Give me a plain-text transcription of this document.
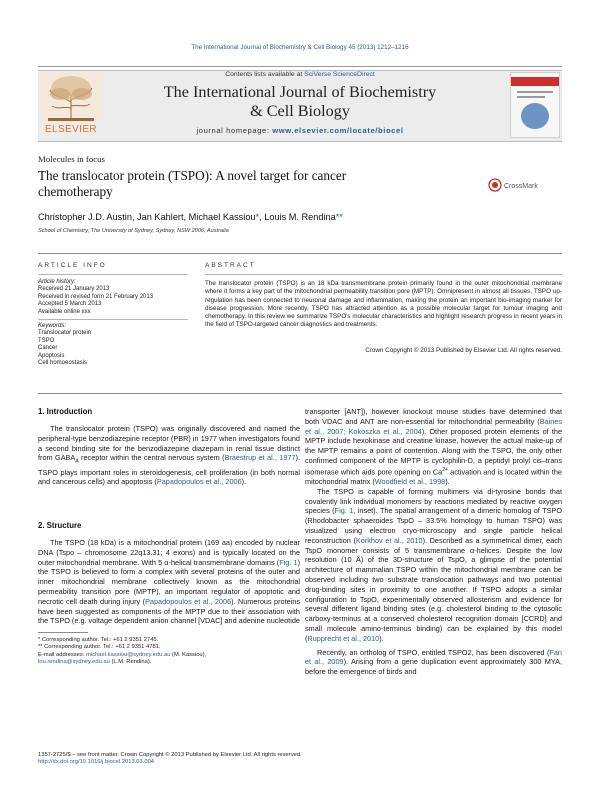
The International Journal of Biochemistry & Cell Biology 45 (2013) 1212–1216
ELSEVIER
Contents lists available at SciVerse ScienceDirect
The International Journal of Biochemistry
& Cell Biology
journal homepage: www.elsevier.com/locate/biocel
Molecules in focus
The translocator protein (TSPO): A novel target for cancer
chemotherapy	CrossMark
Christopher J.D. Austin, Jan Kahlert, Michael Kassiou*, Louis M. Rendina**
School of Chemistry, The University of Sydney, Sydney, NSW 2006, Australia
ARTICLE INFO
Article history:
Received 21 January 2013
Received in revised form 21 February 2013
Accepted 5 March 2013
Available online xxx
Keywords:
Translocator protein
TSPO
Cancer
Apoptosis
Cell homoeostasis
ABSTRACT
The translocator protein (TSPO) is an 18 kDa transmembrane protein primarily found in the outer mitochondrial membrane where it forms a key part of the mitochondrial permeability transition pore (MPTP). Omnipresent in almost all tissues, TSPO up-regulation has been connected to neuronal damage and inflammation, making the protein an important bio-imaging marker for disease progression. More recently, TSPO has attracted attention as a possible molecular target for tumour imaging and chemotherapy. In this review we summarize TSPO's molecular characteristics and highlight research progress in recent years in the field of TSPO-targeted cancer diagnostics and treatments.
Crown Copyright © 2013 Published by Elsevier Ltd. All rights reserved.
1. Introduction

The translocator protein (TSPO) was originally discovered and named the peripheral-type benzodiazepine receptor (PBR) in 1977 when investigators found a second binding site for the benzodiazepine diazepam in renal tissue distinct from $GABA_A$ receptor within the central nervous system (Braestrup et al., 1977). TSPO plays important roles in steroidogenesis, cell proliferation (in both normal and cancerous cells) and apoptosis (Papadopoulos et al., 2006).

2. Structure

The TSPO (18 kDa) is a mitochondrial protein (169 aa) encoded by nuclear DNA (Tspo – chromosome 22q13.31; 4 exons) and is typically located on the outer mitochondrial membrane. With 5 α-helical transmembrane domains (Fig. 1) the TSPO is believed to form a complex with several proteins of the outer and inner mitochondrial membrane collectively known as the mitochondrial permeability transition pore (MPTP), an important regulator of apoptotic and necrotic cell death during injury (Papadopoulos et al., 2006). Numerous proteins have been suggested as components of the MPTP due to their association with the TSPO (e.g. voltage dependent anion channel [VDAC] and adenine nucleotide

* Corresponding author. Tel.: +61 2 9351 2745.
** Corresponding author. Tel.: +61 2 9351 4781.
E-mail addresses: michael.kassiou@sydney.edu.au (M. Kassiou),
lou.rendina@sydney.edu.au (L.M. Rendina).
1357-2725/$ – see front matter. Crown Copyright © 2013 Published by Elsevier Ltd. All rights reserved.
http://dx.doi.org/10.1016/j.biocel.2013.03.004

transporter [ANT]), however knockout mouse studies have determined that both VDAC and ANT are non-essential for mitochondrial permeability (Baines et al., 2007; Kokoszka et al., 2004). Other proposed protein elements of the MPTP include hexokinase and creatine kinase, however the actual make-up of the MPTP remains a point of contention. Along with the TSPO, the only other confirmed component of the MPTP is cyclophilin-D, a peptidyl prolyl cis–trans isomerase which aids pore opening on $Ca^{2+}$ activation and is located within the mitochondrial matrix (Woodfield et al., 1998).

The TSPO is capable of forming multimers via di-tyrosine bonds that covalently link individual monomers by reactions mediated by reactive oxygen species (Fig. 1, inset). The spatial arrangement of a dimeric homolog of TSPO (Rhodobacter sphaeroides TspO – 33.5% homology to human TSPO) was visualized using electron cryo-microscopy and single particle helical reconstruction (Korkhov et al., 2010). Described as a symmetrical dimer, each TspO monomer consists of 5 transmembrane α-helices. Despite the low resolution (10 Å) of the 3D-structure of TspO, a glimpse of the potential architecture of mammalian TSPO within the mitochondrial membrane can be observed including two substrate translocation pathways and two potential drug-binding sites in proximity to one another. If TSPO adopts a similar configuration to TspO, experimentally observed allosterism and evidence for several different ligand binding sites (e.g. cholesterol binding to the cytosolic carboxy-terminus at a conserved cholesterol recognition domain [CCRD] and small molecule amino-terminus binding) can be explained by this model (Rupprecht et al., 2010).

Recently, an ortholog of TSPO, entitled TSPO2, has been discovered (Fan et al., 2009). Arising from a gene duplication event approximately 300 MYA, before the emergence of birds and
